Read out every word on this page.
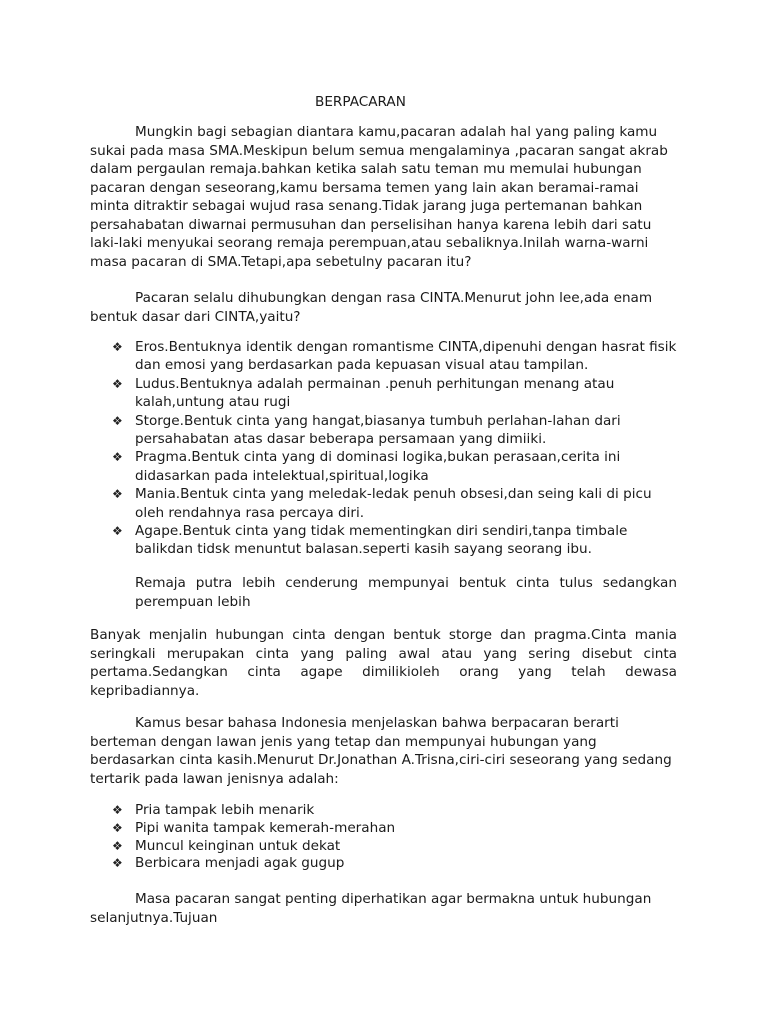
BERPACARAN

Mungkin bagi sebagian diantara kamu,pacaran adalah hal yang paling kamu sukai pada masa SMA.Meskipun belum semua mengalaminya ,pacaran sangat akrab dalam pergaulan remaja.bahkan ketika salah satu teman mu memulai hubungan pacaran dengan seseorang,kamu bersama temen yang lain akan beramai-ramai minta ditraktir sebagai wujud rasa senang.Tidak jarang juga pertemanan bahkan persahabatan diwarnai permusuhan dan perselisihan hanya karena lebih dari satu laki-laki menyukai seorang remaja perempuan,atau sebaliknya.Inilah warna-warni masa pacaran di SMA.Tetapi,apa sebetulny pacaran itu?

Pacaran selalu dihubungkan dengan rasa CINTA.Menurut john lee,ada enam bentuk dasar dari CINTA,yaitu?

❖ Eros.Bentuknya identik dengan romantisme CINTA,dipenuhi dengan hasrat fisik dan emosi yang berdasarkan pada kepuasan visual atau tampilan.
❖ Ludus.Bentuknya adalah permainan .penuh perhitungan menang atau kalah,untung atau rugi
❖ Storge.Bentuk cinta yang hangat,biasanya tumbuh perlahan-lahan dari persahabatan atas dasar beberapa persamaan yang dimiiki.
❖ Pragma.Bentuk cinta yang di dominasi logika,bukan perasaan,cerita ini didasarkan pada intelektual,spiritual,logika
❖ Mania.Bentuk cinta yang meledak-ledak penuh obsesi,dan seing kali di picu oleh rendahnya rasa percaya diri.
❖ Agape.Bentuk cinta yang tidak mementingkan diri sendiri,tanpa timbale balikdan tidsk menuntut balasan.seperti kasih sayang seorang ibu.

Remaja putra lebih cenderung mempunyai bentuk cinta tulus sedangkan perempuan lebih

Banyak menjalin hubungan cinta dengan bentuk storge dan pragma.Cinta mania seringkali merupakan cinta yang paling awal atau yang sering disebut cinta pertama.Sedangkan cinta agape dimilikioleh orang yang telah dewasa kepribadiannya.

Kamus besar bahasa Indonesia menjelaskan bahwa berpacaran berarti berteman dengan lawan jenis yang tetap dan mempunyai hubungan yang berdasarkan cinta kasih.Menurut Dr.Jonathan A.Trisna,ciri-ciri seseorang yang sedang tertarik pada lawan jenisnya adalah:

❖ Pria tampak lebih menarik
❖ Pipi wanita tampak kemerah-merahan
❖ Muncul keinginan untuk dekat
❖ Berbicara menjadi agak gugup

Masa pacaran sangat penting diperhatikan agar bermakna untuk hubungan selanjutnya.Tujuan
